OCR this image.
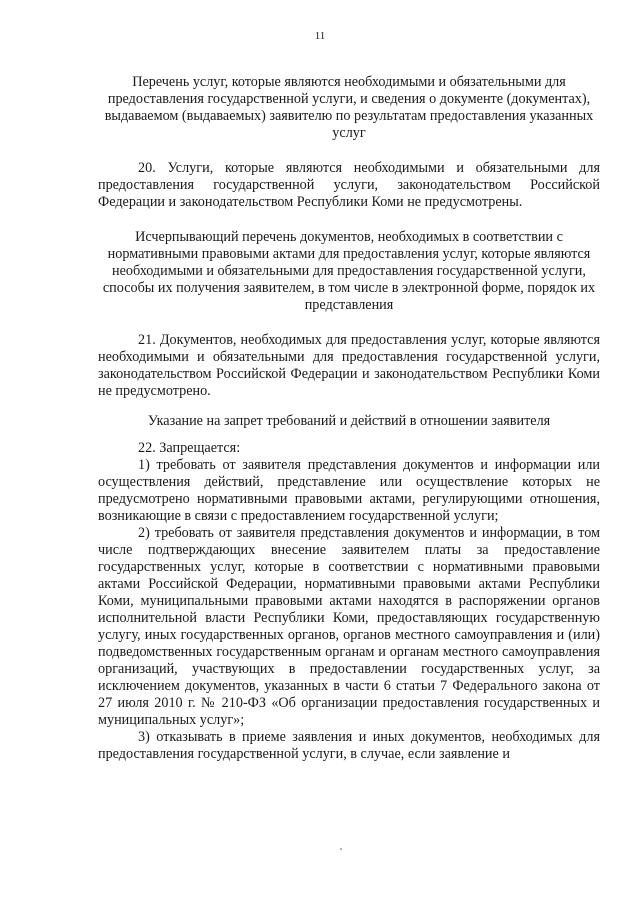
11

Перечень услуг, которые являются необходимыми и обязательными для предоставления государственной услуги, и сведения о документе (документах), выдаваемом (выдаваемых) заявителю по результатам предоставления указанных услуг

20. Услуги, которые являются необходимыми и обязательными для предоставления государственной услуги, законодательством Российской Федерации и законодательством Республики Коми не предусмотрены.

Исчерпывающий перечень документов, необходимых в соответствии с нормативными правовыми актами для предоставления услуг, которые являются необходимыми и обязательными для предоставления государственной услуги, способы их получения заявителем, в том числе в электронной форме, порядок их представления

21. Документов, необходимых для предоставления услуг, которые являются необходимыми и обязательными для предоставления государственной услуги, законодательством Российской Федерации и законодательством Республики Коми не предусмотрено.

Указание на запрет требований и действий в отношении заявителя

22. Запрещается:

1) требовать от заявителя представления документов и информации или осуществления действий, представление или осуществление которых не предусмотрено нормативными правовыми актами, регулирующими отношения, возникающие в связи с предоставлением государственной услуги;

2) требовать от заявителя представления документов и информации, в том числе подтверждающих внесение заявителем платы за предоставление государственных услуг, которые в соответствии с нормативными правовыми актами Российской Федерации, нормативными правовыми актами Республики Коми, муниципальными правовыми актами находятся в распоряжении органов исполнительной власти Республики Коми, предоставляющих государственную услугу, иных государственных органов, органов местного самоуправления и (или) подведомственных государственным органам и органам местного самоуправления организаций, участвующих в предоставлении государственных услуг, за исключением документов, указанных в части 6 статьи 7 Федерального закона от 27 июля 2010 г. № 210-ФЗ «Об организации предоставления государственных и муниципальных услуг»;

3) отказывать в приеме заявления и иных документов, необходимых для предоставления государственной услуги, в случае, если заявление и
